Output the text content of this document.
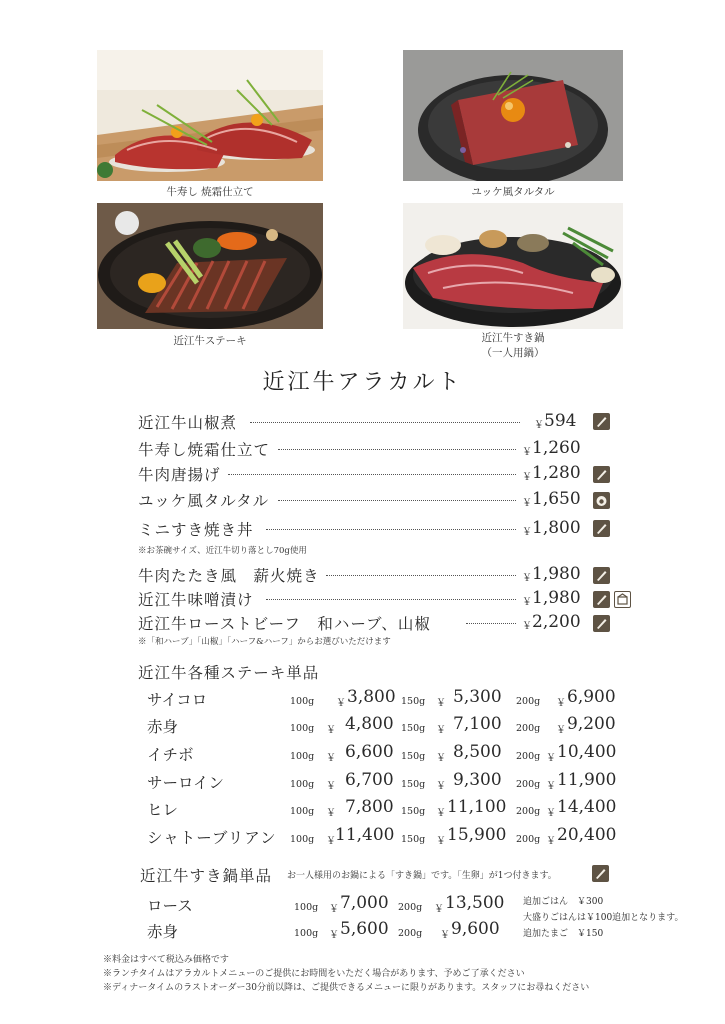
牛寿し 焼霜仕立て	ユッケ風タルタル
近江牛ステーキ	近江牛すき鍋
（一人用鍋）
近江牛アラカルト
近江牛山椒煮	￥ 594
牛寿し焼霜仕立て	￥ 1,260
牛肉唐揚げ	￥ 1,280
ユッケ風タルタル	￥ 1,650
ミニすき焼き丼	￥ 1,800
※お茶碗サイズ、近江牛切り落とし70g使用
牛肉たたき風　薪火焼き	￥ 1,980
近江牛味噌漬け	￥ 1,980
近江牛ローストビーフ　和ハーブ、山椒	￥ 2,200
※「和ハーブ」「山椒」「ハーフ&ハーフ」からお選びいただけます
近江牛各種ステーキ単品
サイコロ	100g ￥ 3,800 150g ￥ 5,300 200g ￥ 6,900
赤身	100g ￥ 4,800 150g ￥ 7,100 200g ￥ 9,200
イチボ	100g ￥ 6,600 150g ￥ 8,500 200g ￥ 10,400
サーロイン	100g ￥ 6,700 150g ￥ 9,300 200g ￥ 11,900
ヒレ	100g ￥ 7,800 150g ￥ 11,100 200g ￥ 14,400
シャトーブリアン 100g ￥ 11,400 150g ￥ 15,900 200g ￥ 20,400
近江牛すき鍋単品 お一人様用のお鍋による「すき鍋」です。「生卵」が1つ付きます。
ロース	100g ￥ 7,000 200g ￥ 13,500
赤身	100g ￥ 5,600 200g ￥ 9,600
追加ごはん　￥300
大盛りごはんは￥100追加となります。
追加たまご　￥150
※料金はすべて税込み価格です
※ランチタイムはアラカルトメニューのご提供にお時間をいただく場合があります、予めご了承ください
※ディナータイムのラストオーダー30分前以降は、ご提供できるメニューに限りがあります。スタッフにお尋ねください
